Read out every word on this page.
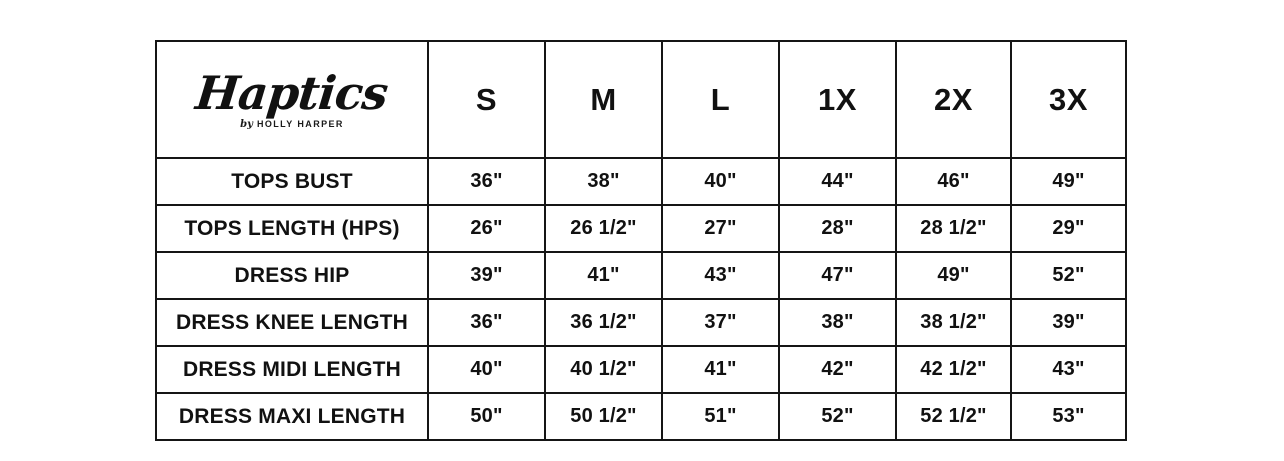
Haptics
by HOLLY HARPER	S	M	L	1X	2X	3X
TOPS BUST	36"	38"	40"	44"	46"	49"
TOPS LENGTH (HPS)	26"	26 1/2"	27"	28"	28 1/2"	29"
DRESS HIP	39"	41"	43"	47"	49"	52"
DRESS KNEE LENGTH	36"	36 1/2"	37"	38"	38 1/2"	39"
DRESS MIDI LENGTH	40"	40 1/2"	41"	42"	42 1/2"	43"
DRESS MAXI LENGTH	50"	50 1/2"	51"	52"	52 1/2"	53"
